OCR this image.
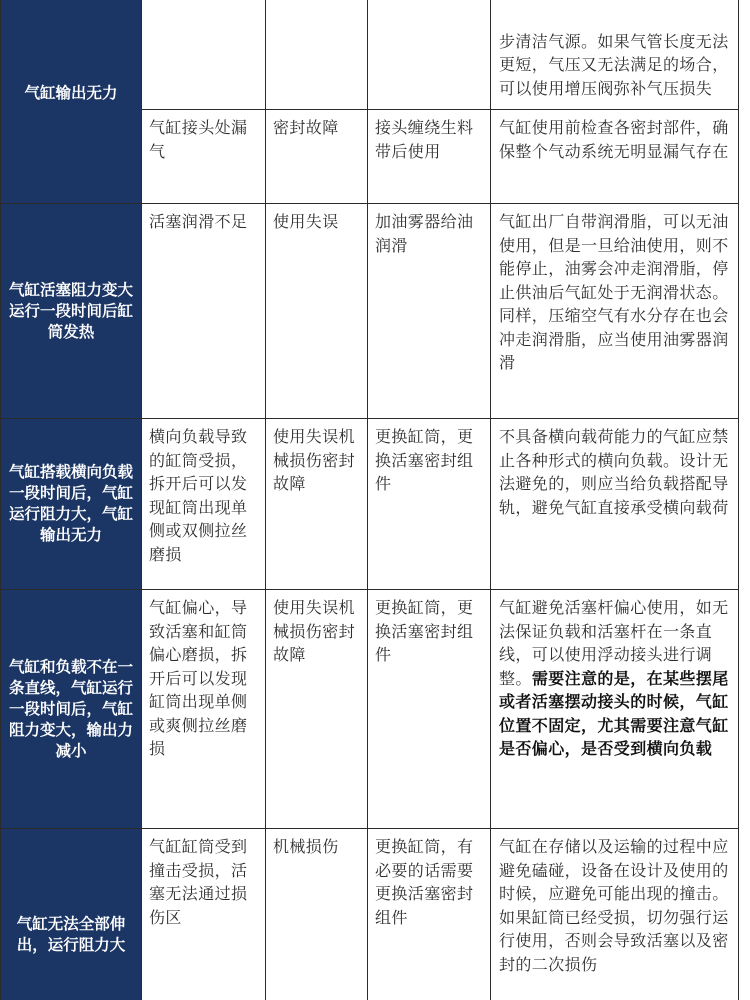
气缸输出无力				步清洁气源。如果气管长度无法更短，气压又无法满足的场合，可以使用增压阀弥补气压损失
	气缸接头处漏气	密封故障	接头缠绕生料带后使用	气缸使用前检查各密封部件，确保整个气动系统无明显漏气存在
气缸活塞阻力变大运行一段时间后缸筒发热	活塞润滑不足	使用失误	加油雾器给油润滑	气缸出厂自带润滑脂，可以无油使用，但是一旦给油使用，则不能停止，油雾会冲走润滑脂，停止供油后气缸处于无润滑状态。同样，压缩空气有水分存在也会冲走润滑脂，应当使用油雾器润滑
气缸搭载横向负载一段时间后，气缸运行阻力大，气缸输出无力	横向负载导致的缸筒受损，拆开后可以发现缸筒出现单侧或双侧拉丝磨损	使用失误机械损伤密封故障	更换缸筒，更换活塞密封组件	不具备横向载荷能力的气缸应禁止各种形式的横向负载。设计无法避免的，则应当给负载搭配导轨，避免气缸直接承受横向载荷
气缸和负载不在一条直线，气缸运行一段时间后，气缸阻力变大，输出力减小	气缸偏心，导致活塞和缸筒偏心磨损，拆开后可以发现缸筒出现单侧或爽侧拉丝磨损	使用失误机械损伤密封故障	更换缸筒，更换活塞密封组件	气缸避免活塞杆偏心使用，如无法保证负载和活塞杆在一条直线，可以使用浮动接头进行调整。需要注意的是，在某些摆尾或者活塞摆动接头的时候，气缸位置不固定，尤其需要注意气缸是否偏心，是否受到横向负载
气缸无法全部伸出，运行阻力大	气缸缸筒受到撞击受损，活塞无法通过损伤区	机械损伤	更换缸筒，有必要的话需要更换活塞密封组件	气缸在存储以及运输的过程中应避免磕碰，设备在设计及使用的时候，应避免可能出现的撞击。如果缸筒已经受损，切勿强行运行使用，否则会导致活塞以及密封的二次损伤
